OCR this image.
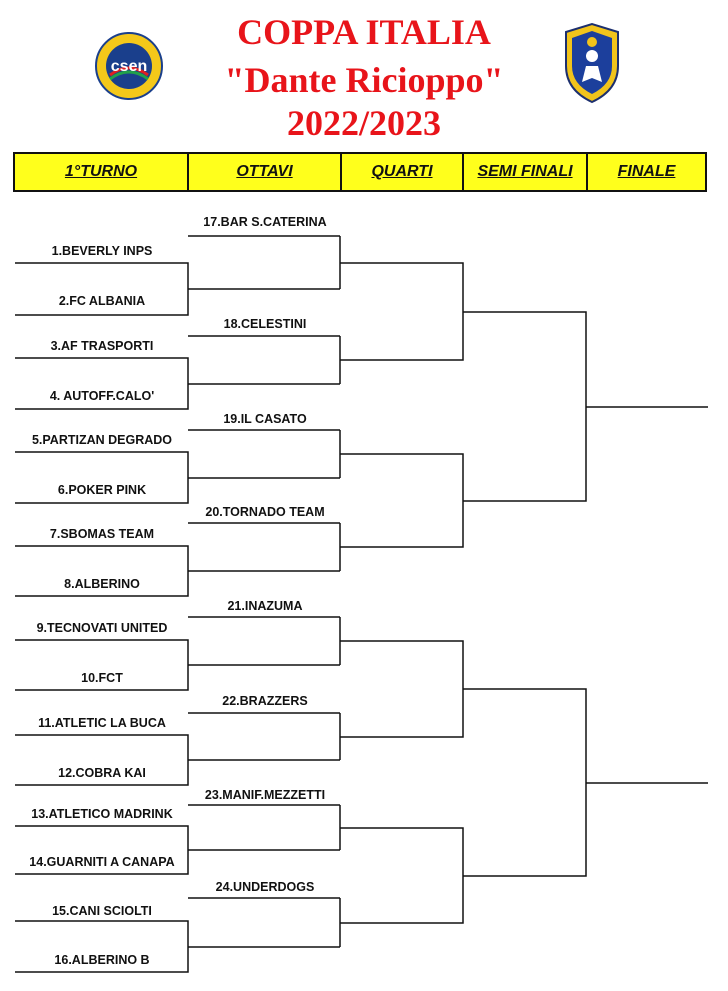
COPPA ITALIA
"Dante Ricioppo"
2022/2023
csen
1°TURNO	OTTAVI	QUARTI	SEMI FINALI	FINALE
1.BEVERLY INPS
2.FC ALBANIA
3.AF TRASPORTI
4. AUTOFF.CALO'
5.PARTIZAN DEGRADO
6.POKER PINK
7.SBOMAS TEAM
8.ALBERINO
9.TECNOVATI UNITED
10.FCT
11.ATLETIC LA BUCA
12.COBRA KAI
13.ATLETICO MADRINK
14.GUARNITI A CANAPA
15.CANI SCIOLTI
16.ALBERINO B
17.BAR S.CATERINA
18.CELESTINI
19.IL CASATO
20.TORNADO TEAM
21.INAZUMA
22.BRAZZERS
23.MANIF.MEZZETTI
24.UNDERDOGS
